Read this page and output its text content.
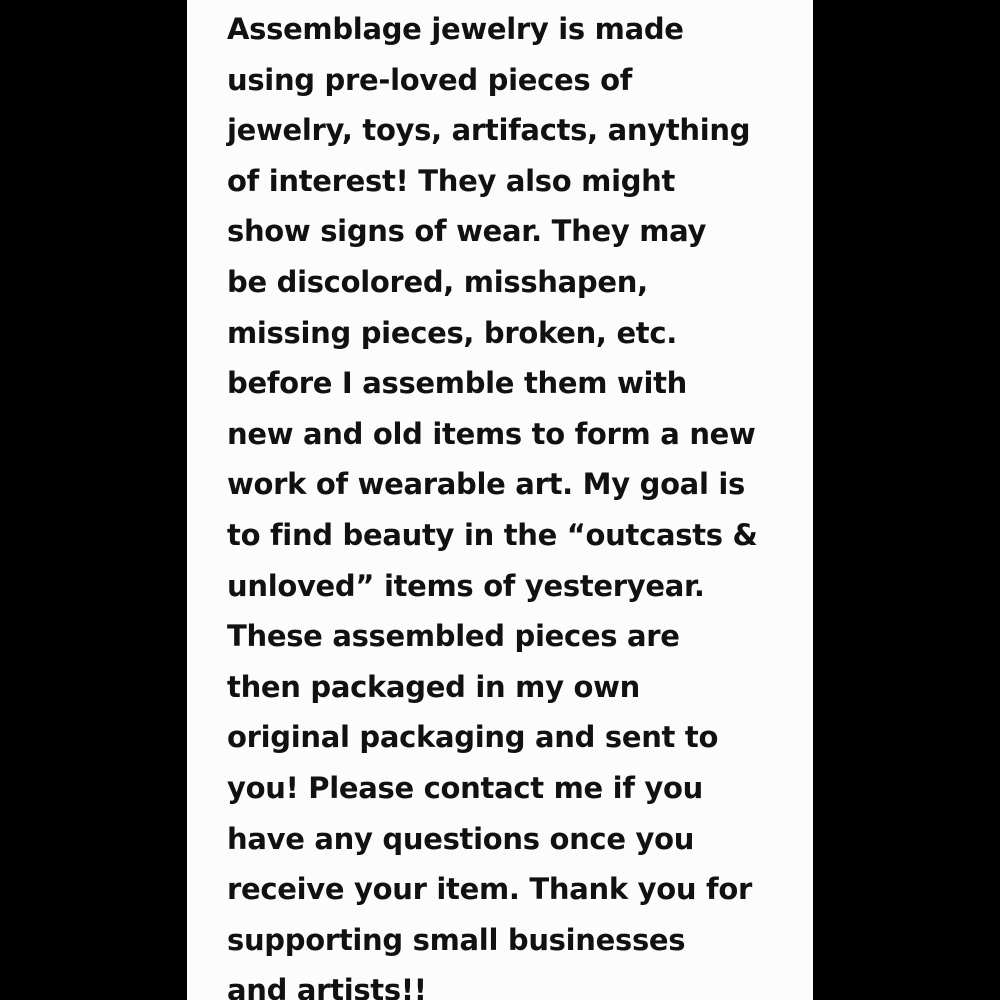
Assemblage jewelry is made
using pre-loved pieces of
jewelry, toys, artifacts, anything
of interest! They also might
show signs of wear. They may
be discolored, misshapen,
missing pieces, broken, etc.
before I assemble them with
new and old items to form a new
work of wearable art. My goal is
to find beauty in the “outcasts &
unloved” items of yesteryear.
These assembled pieces are
then packaged in my own
original packaging and sent to
you! Please contact me if you
have any questions once you
receive your item. Thank you for
supporting small businesses
and artists!!
